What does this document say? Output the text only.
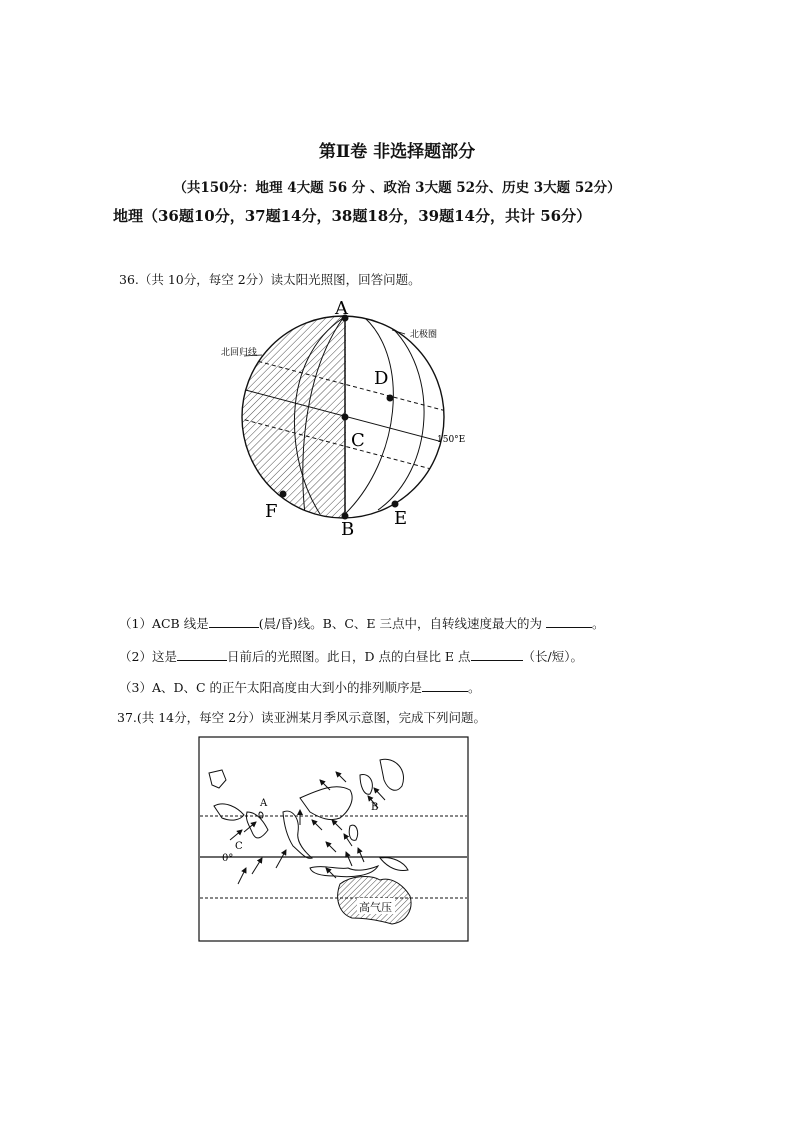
第Ⅱ卷 非选择题部分
（共150分：地理 4大题 56 分 、政治 3大题 52分、历史 3大题 52分）
地理（36题10分，37题14分，38题18分，39题14分，共计 56分）
36.（共 10分，每空 2分）读太阳光照图，回答问题。
A
B
C
D
E
F
北回归线
北极圈
150°E
（1）ACB 线是	(晨/昏)线。B、C、E 三点中，自转线速度最大的为	。
（2）这是	日前后的光照图。此日，D 点的白昼比 E 点	（长/短）。
（3）A、D、C 的正午太阳高度由大到小的排列顺序是	。
37.(共 14分，每空 2分）读亚洲某月季风示意图，完成下列问题。
高气压
A	B
C
0°
